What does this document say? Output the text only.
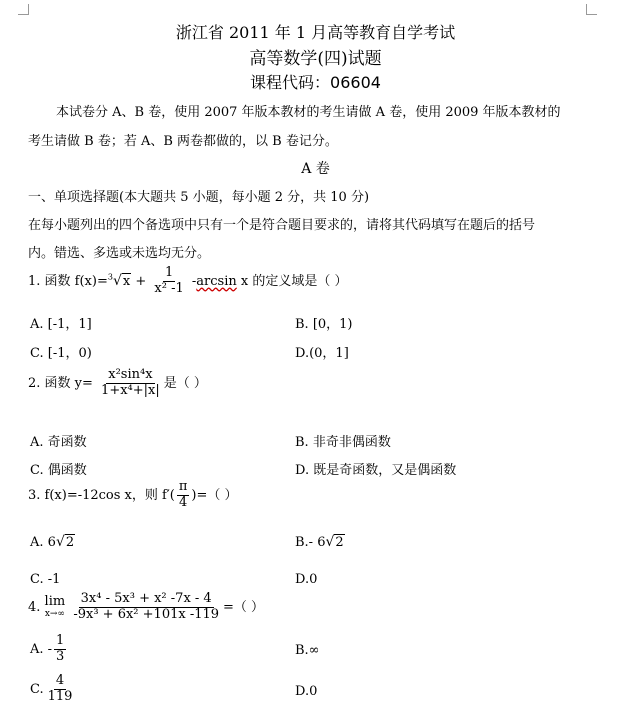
浙江省 2011 年 1 月高等教育自学考试
高等数学(四)试题
课程代码：06604
本试卷分 A、B 卷，使用 2007 年版本教材的考生请做 A 卷，使用 2009 年版本教材的
考生请做 B 卷；若 A、B 两卷都做的，以 B 卷记分。
A 卷
一、单项选择题(本大题共 5 小题，每小题 2 分，共 10 分)
在每小题列出的四个备选项中只有一个是符合题目要求的，请将其代码填写在题后的括号
内。错选、多选或未选均无分。
1. 函数 $f(x)=^3√x + \frac{1}{\text{x² -1}} -\arcsin$ x 的定义域是（ ）
A. [-1，1]	B. [0，1)
C. [-1，0)	D.(0，1]
2. 函数 $y= \frac{\text{x²sin⁴x}}{\text{1+x⁴+|x|}}$ 是（ ）
A. 奇函数	B. 非奇非偶函数
C. 偶函数	D. 既是奇函数，又是偶函数
3. f(x)=-12cos x，则 $f'( \frac{\pi}{4}$ )=（ ）
A. 6√2	B.- 6√2
C. -1	D.0
4. lim
x→∞
$\frac{\text{3x⁴ - 5x³ + x² -7x - 4}}{\text{-9x³ + 6x² +101x -119}}$ =（ ）
A. - $\frac{1}{3}$	B.∞
C. $\frac{4}{119}$	D.0
